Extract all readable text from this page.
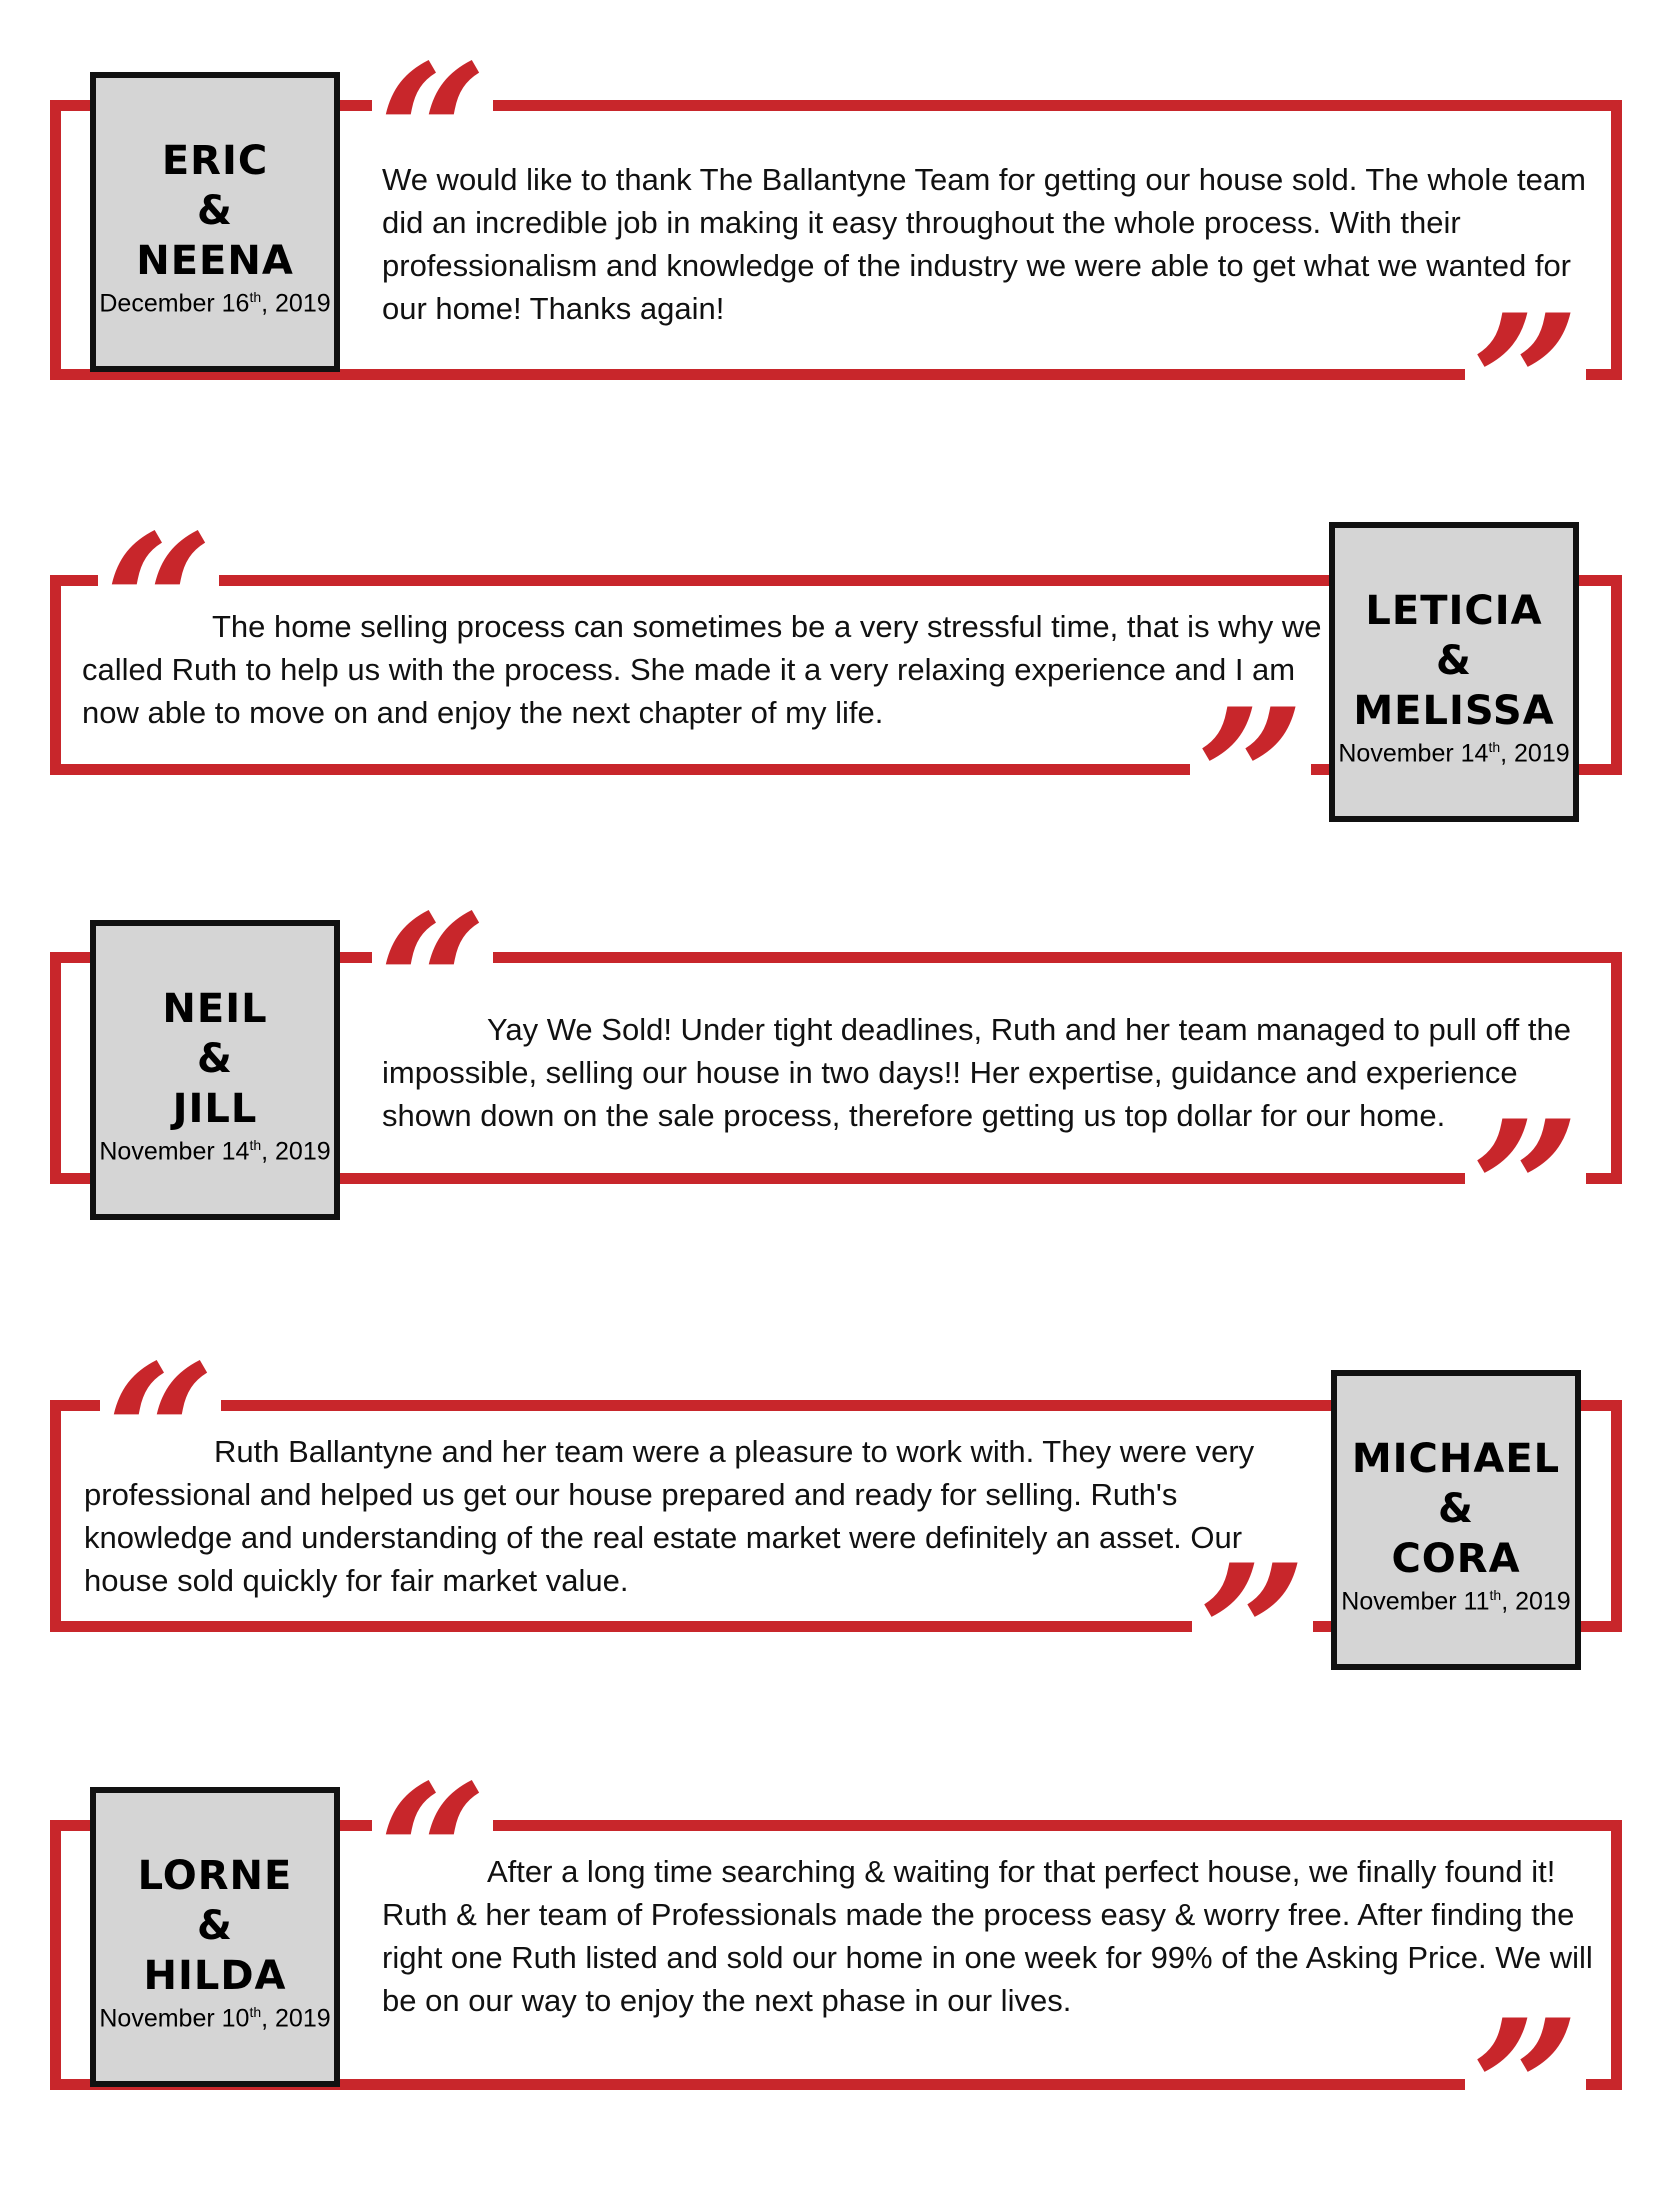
ERIC
&
NEENA
December 16th, 2019
“
”
We would like to thank The Ballantyne Team for getting our house sold. The whole team did an incredible job in making it easy throughout the whole process. With their professionalism and knowledge of the industry we were able to get what we wanted for our home! Thanks again!
LETICIA
&
MELISSA
November 14th, 2019
“
”
The home selling process can sometimes be a very stressful time, that is why we called Ruth to help us with the process. She made it a very relaxing experience and I am now able to move on and enjoy the next chapter of my life.
NEIL
&
JILL
November 14th, 2019
“
”
Yay We Sold! Under tight deadlines, Ruth and her team managed to pull off the impossible, selling our house in two days!! Her expertise, guidance and experience shown down on the sale process, therefore getting us top dollar for our home.
MICHAEL
&
CORA
November 11th, 2019
“
”
Ruth Ballantyne and her team were a pleasure to work with. They were very professional and helped us get our house prepared and ready for selling. Ruth's knowledge and understanding of the real estate market were definitely an asset. Our house sold quickly for fair market value.
LORNE
&
HILDA
November 10th, 2019
“
”
After a long time searching & waiting for that perfect house, we finally found it! Ruth & her team of Professionals made the process easy & worry free. After finding the right one Ruth listed and sold our home in one week for 99% of the Asking Price. We will be on our way to enjoy the next phase in our lives.
